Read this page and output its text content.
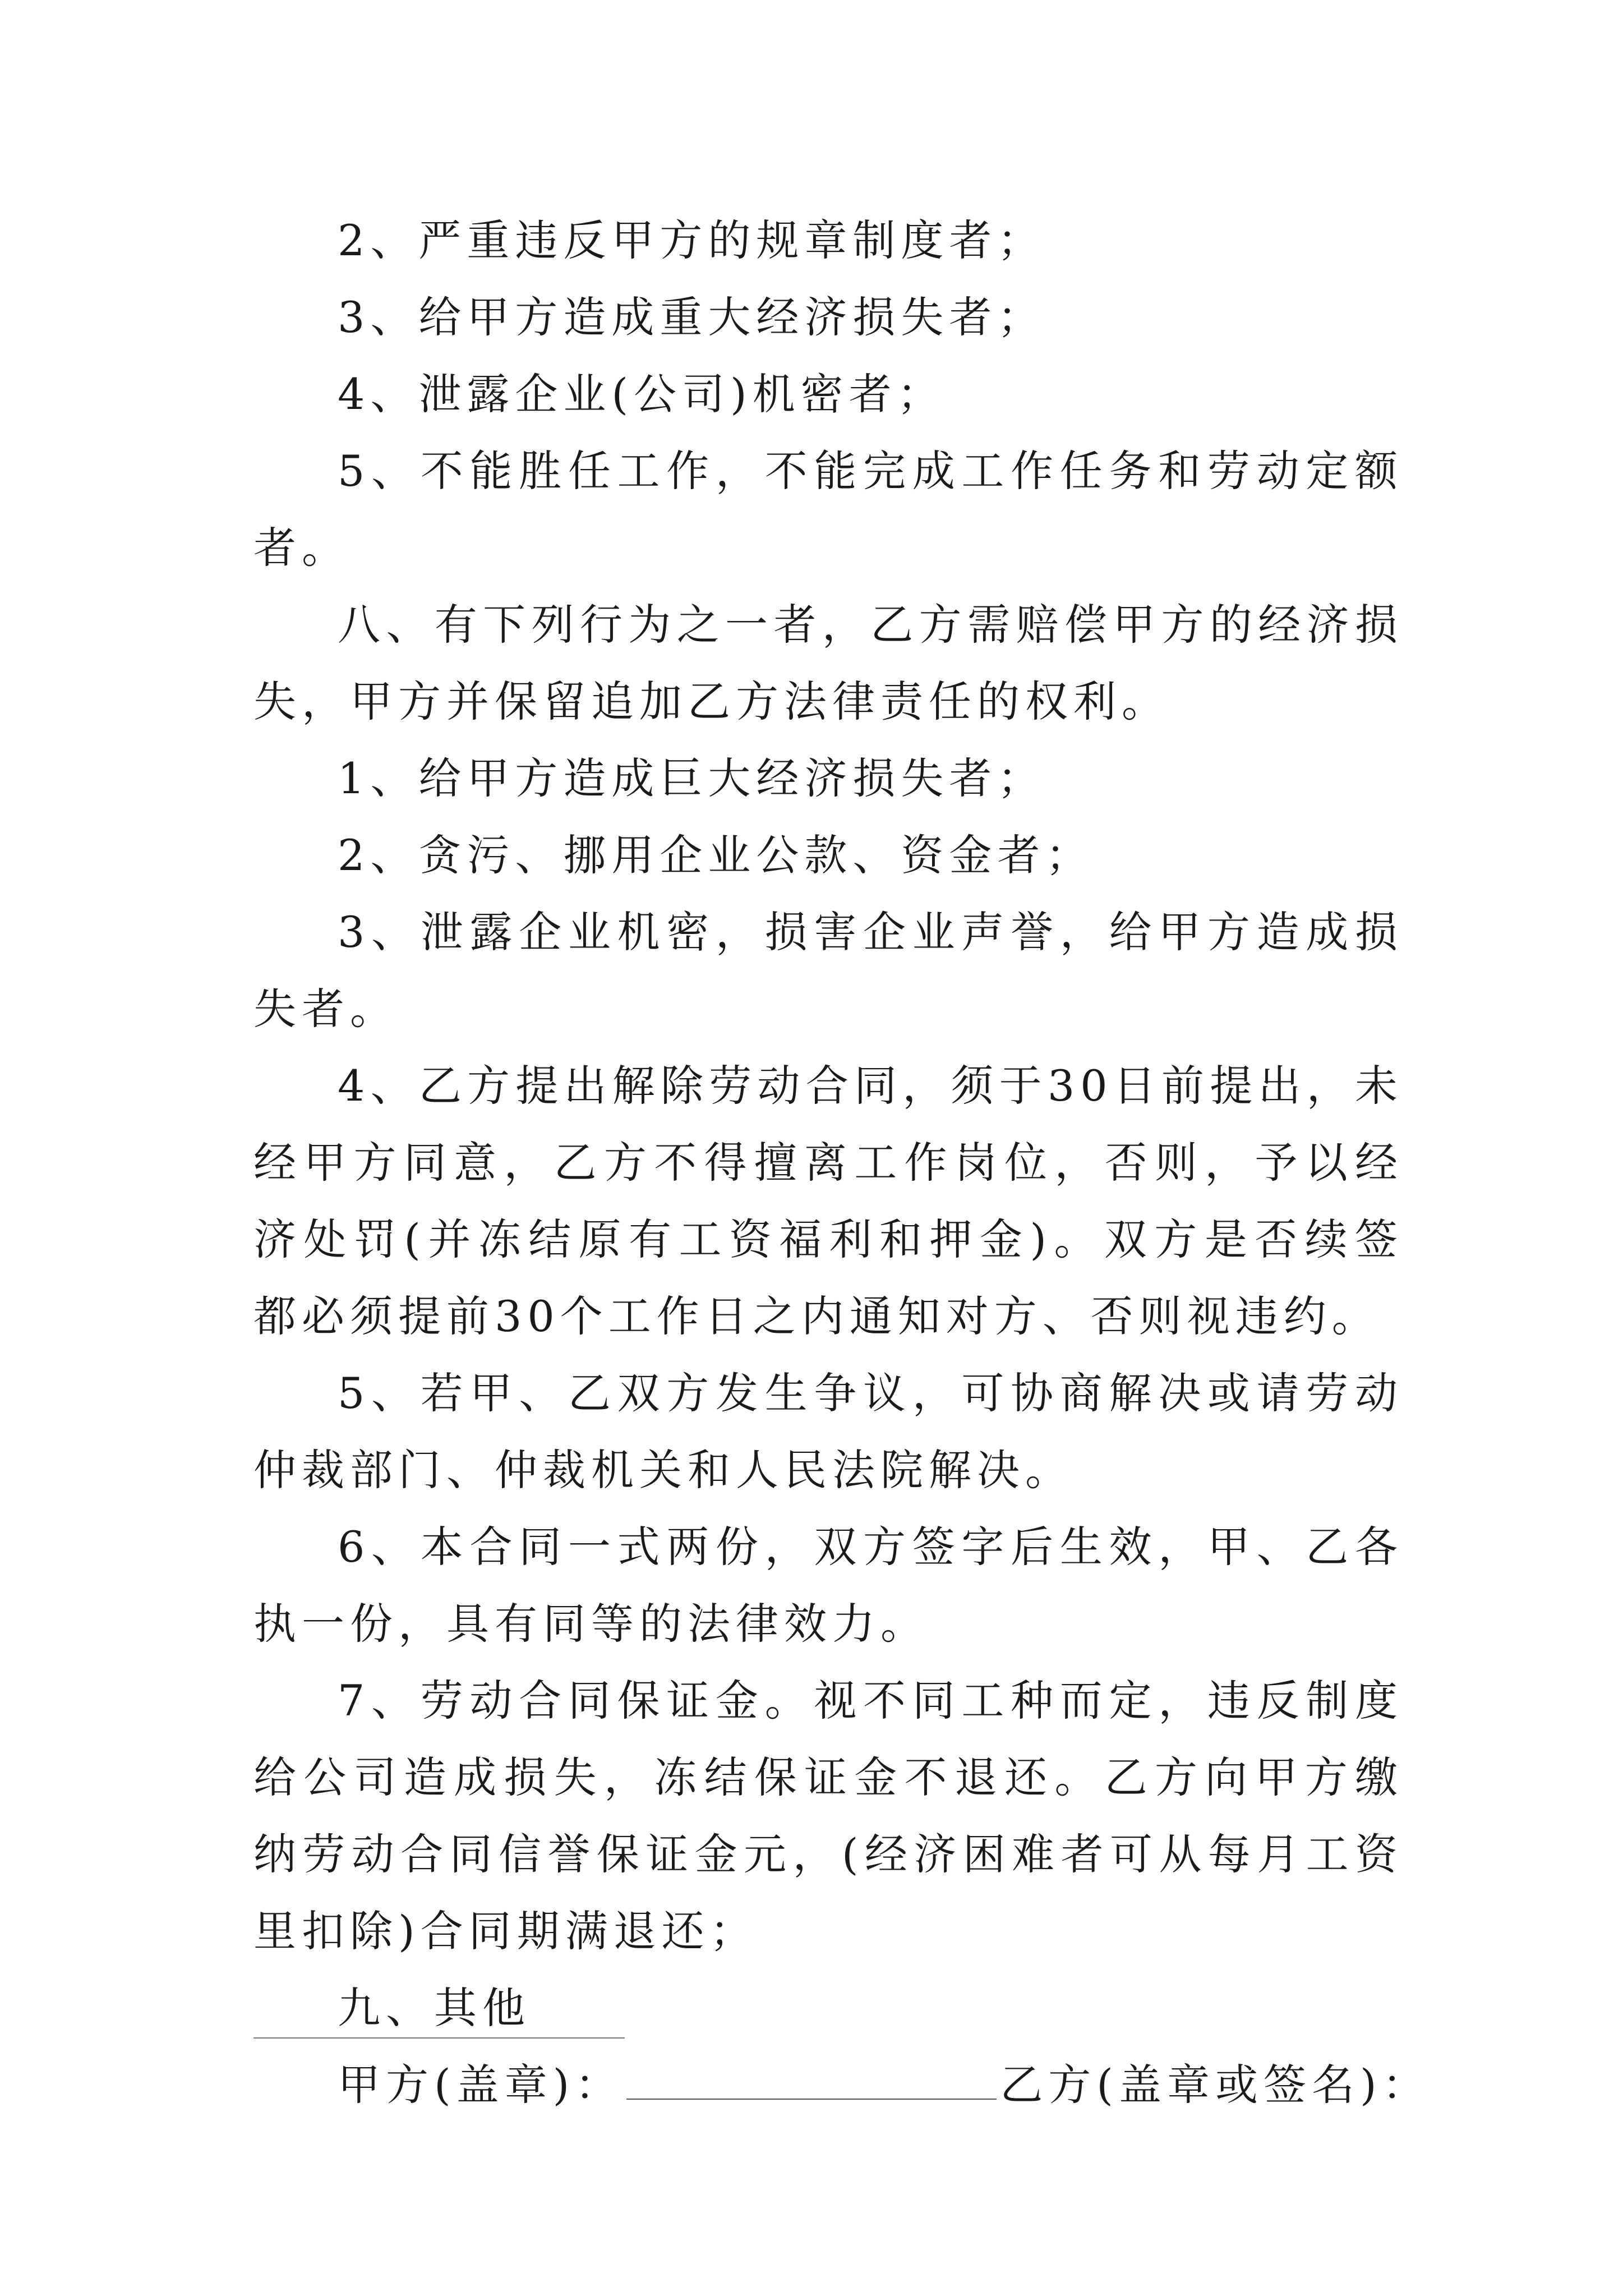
2、严重违反甲方的规章制度者；

3、给甲方造成重大经济损失者；

4、泄露企业(公司)机密者；

5、不能胜任工作，不能完成工作任务和劳动定额者。

八、有下列行为之一者，乙方需赔偿甲方的经济损失，甲方并保留追加乙方法律责任的权利。

1、给甲方造成巨大经济损失者；

2、贪污、挪用企业公款、资金者；

3、泄露企业机密，损害企业声誉，给甲方造成损失者。

4、乙方提出解除劳动合同，须于30日前提出，未经甲方同意，乙方不得擅离工作岗位，否则，予以经济处罚(并冻结原有工资福利和押金)。双方是否续签都必须提前30个工作日之内通知对方、否则视违约。

5、若甲、乙双方发生争议，可协商解决或请劳动仲裁部门、仲裁机关和人民法院解决。

6、本合同一式两份，双方签字后生效，甲、乙各执一份，具有同等的法律效力。

7、劳动合同保证金。视不同工种而定，违反制度给公司造成损失，冻结保证金不退还。乙方向甲方缴纳劳动合同信誉保证金元，(经济困难者可从每月工资里扣除)合同期满退还；

九、其他

甲方(盖章)：	乙方(盖章或签名)：
